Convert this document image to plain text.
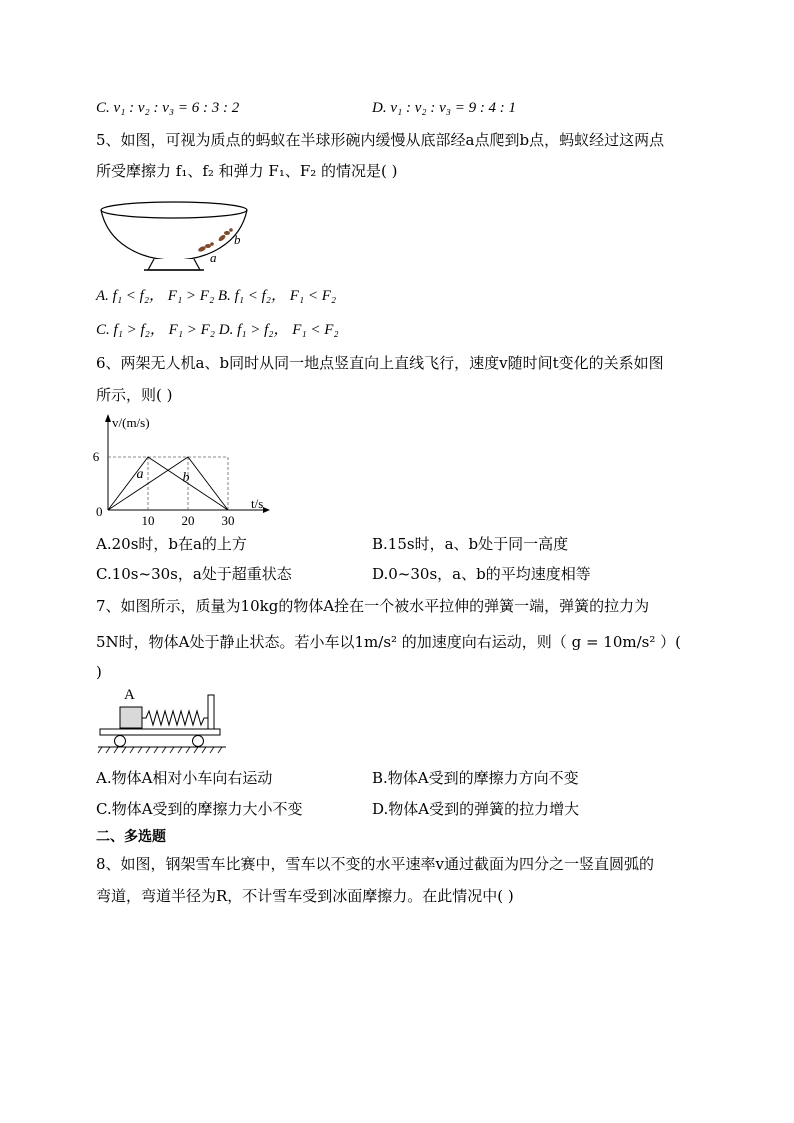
C. v₁ : v₂ : v₃ = 6 : 3 : 2	D. v₁ : v₂ : v₃ = 9 : 4 : 1
5、如图，可视为质点的蚂蚁在半球形碗内缓慢从底部经a点爬到b点，蚂蚁经过这两点
所受摩擦力 f₁、f₂ 和弹力 F₁、F₂ 的情况是( )
a
b
A. f₁ < f₂， F₁ > F₂ B. f₁ < f₂， F₁ < F₂
C. f₁ > f₂， F₁ > F₂ D. f₁ > f₂， F₁ < F₂
6、两架无人机a、b同时从同一地点竖直向上直线飞行，速度v随时间t变化的关系如图
所示，则( )
v/(m/s)
t/s
0
10 20 30
6
a	b
A.20s时，b在a的上方	B.15s时，a、b处于同一高度
C.10s~30s，a处于超重状态	D.0~30s，a、b的平均速度相等
7、如图所示，质量为10kg的物体A拴在一个被水平拉伸的弹簧一端，弹簧的拉力为
5N时，物体A处于静止状态。若小车以1m/s² 的加速度向右运动，则（ g = 10m/s² ）(
)
A
A.物体A相对小车向右运动	B.物体A受到的摩擦力方向不变
C.物体A受到的摩擦力大小不变	D.物体A受到的弹簧的拉力增大
二、多选题
8、如图，钢架雪车比赛中，雪车以不变的水平速率v通过截面为四分之一竖直圆弧的
弯道，弯道半径为R，不计雪车受到冰面摩擦力。在此情况中( )
